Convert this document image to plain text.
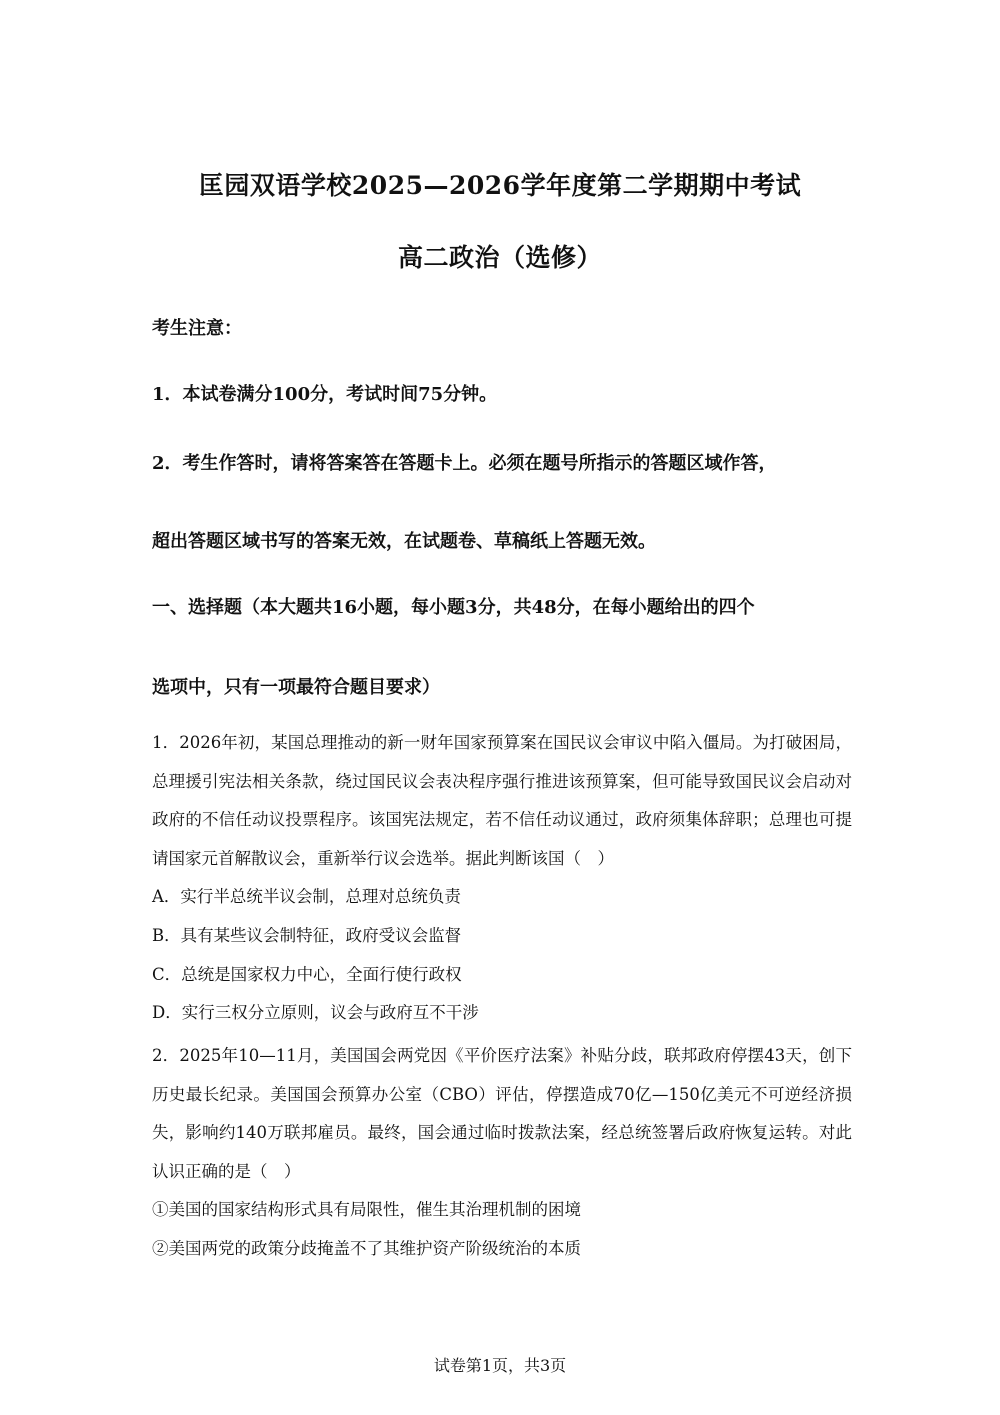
匡园双语学校2025—2026学年度第二学期期中考试
高二政治（选修）
考生注意：
1．本试卷满分100分，考试时间75分钟。
2．考生作答时，请将答案答在答题卡上。必须在题号所指示的答题区域作答，
超出答题区域书写的答案无效，在试题卷、草稿纸上答题无效。
一、选择题（本大题共16小题，每小题3分，共48分，在每小题给出的四个
选项中，只有一项最符合题目要求）
1．2026年初，某国总理推动的新一财年国家预算案在国民议会审议中陷入僵局。为打破困局，总理援引宪法相关条款，绕过国民议会表决程序强行推进该预算案，但可能导致国民议会启动对政府的不信任动议投票程序。该国宪法规定，若不信任动议通过，政府须集体辞职；总理也可提请国家元首解散议会，重新举行议会选举。据此判断该国（　）
A．实行半总统半议会制，总理对总统负责
B．具有某些议会制特征，政府受议会监督
C．总统是国家权力中心，全面行使行政权
D．实行三权分立原则，议会与政府互不干涉
2．2025年10—11月，美国国会两党因《平价医疗法案》补贴分歧，联邦政府停摆43天，创下历史最长纪录。美国国会预算办公室（CBO）评估，停摆造成70亿—150亿美元不可逆经济损失，影响约140万联邦雇员。最终，国会通过临时拨款法案，经总统签署后政府恢复运转。对此认识正确的是（　）
①美国的国家结构形式具有局限性，催生其治理机制的困境
②美国两党的政策分歧掩盖不了其维护资产阶级统治的本质
试卷第1页，共3页
